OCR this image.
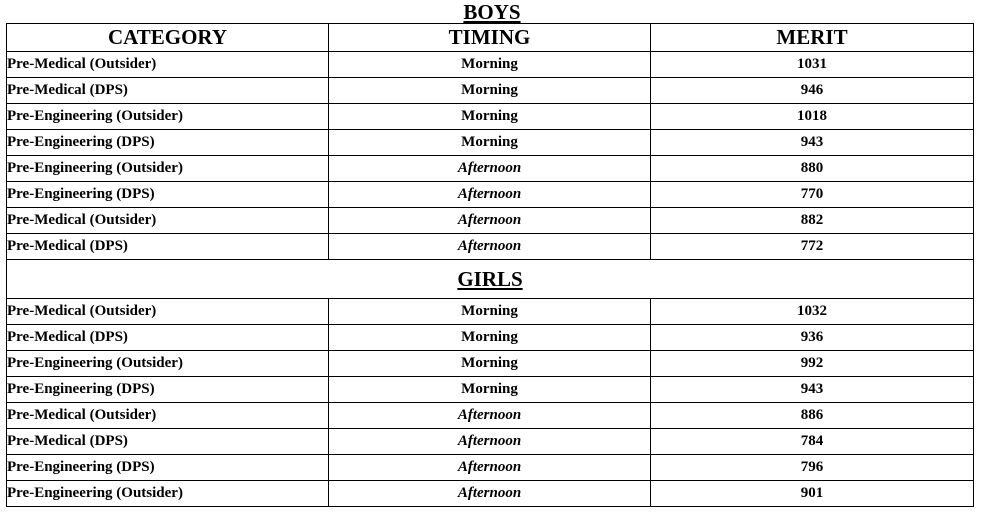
BOYS
CATEGORY	TIMING	MERIT
Pre-Medical (Outsider)	Morning	1031
Pre-Medical (DPS)	Morning	946
Pre-Engineering (Outsider)	Morning	1018
Pre-Engineering (DPS)	Morning	943
Pre-Engineering (Outsider)	Afternoon	880
Pre-Engineering (DPS)	Afternoon	770
Pre-Medical (Outsider)	Afternoon	882
Pre-Medical (DPS)	Afternoon	772
GIRLS		
Pre-Medical (Outsider)	Morning	1032
Pre-Medical (DPS)	Morning	936
Pre-Engineering (Outsider)	Morning	992
Pre-Engineering (DPS)	Morning	943
Pre-Medical (Outsider)	Afternoon	886
Pre-Medical (DPS)	Afternoon	784
Pre-Engineering (DPS)	Afternoon	796
Pre-Engineering (Outsider)	Afternoon	901
